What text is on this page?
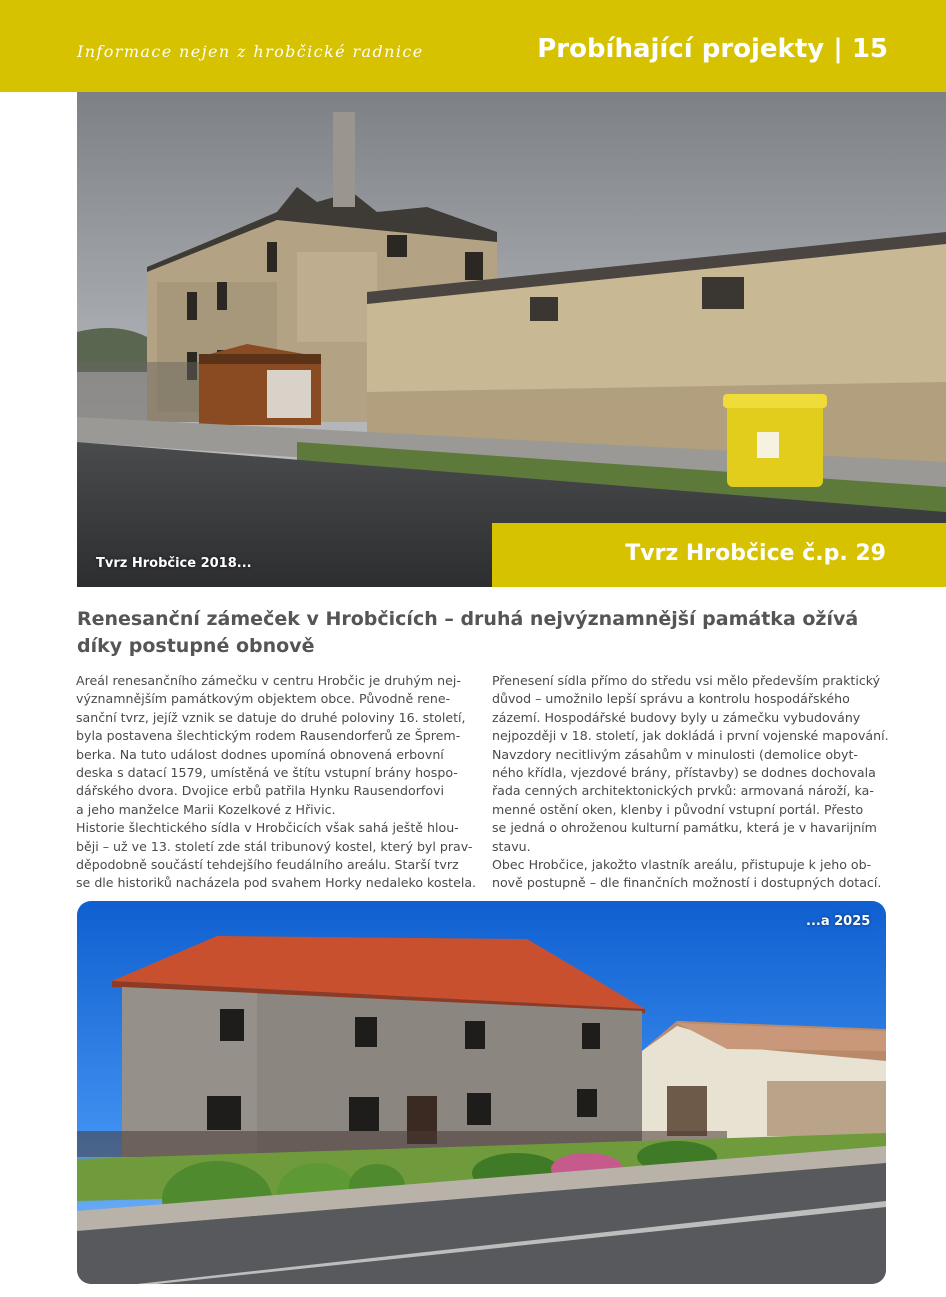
Informace nejen z hrobčické radnice	Probíhající projekty | 15
Tvrz Hrobčice 2018...	Tvrz Hrobčice č.p. 29
Renesanční zámeček v Hrobčicích – druhá nejvýznamnější památka ožívá
díky postupné obnově

Areál renesančního zámečku v centru Hrobčic je druhým nej-

významnějším památkovým objektem obce. Původně rene-

sanční tvrz, jejíž vznik se datuje do druhé poloviny 16. století,

byla postavena šlechtickým rodem Rausendorferů ze Šprem-

berka. Na tuto událost dodnes upomíná obnovená erbovní

deska s datací 1579, umístěná ve štítu vstupní brány hospo-

dářského dvora. Dvojice erbů patřila Hynku Rausendorfovi

a jeho manželce Marii Kozelkové z Hřivic.

Historie šlechtického sídla v Hrobčicích však sahá ještě hlou-

běji – už ve 13. století zde stál tribunový kostel, který byl prav-

děpodobně součástí tehdejšího feudálního areálu. Starší tvrz

se dle historiků nacházela pod svahem Horky nedaleko kostela.

Přenesení sídla přímo do středu vsi mělo především praktický

důvod – umožnilo lepší správu a kontrolu hospodářského

zázemí. Hospodářské budovy byly u zámečku vybudovány

nejpozději v 18. století, jak dokládá i první vojenské mapování.

Navzdory necitlivým zásahům v minulosti (demolice obyt-

ného křídla, vjezdové brány, přístavby) se dodnes dochovala

řada cenných architektonických prvků: armovaná nároží, ka-

menné ostění oken, klenby i původní vstupní portál. Přesto

se jedná o ohroženou kulturní památku, která je v havarijním

stavu.

Obec Hrobčice, jakožto vlastník areálu, přistupuje k jeho ob-

nově postupně – dle finančních možností i dostupných dotací.

...a 2025
